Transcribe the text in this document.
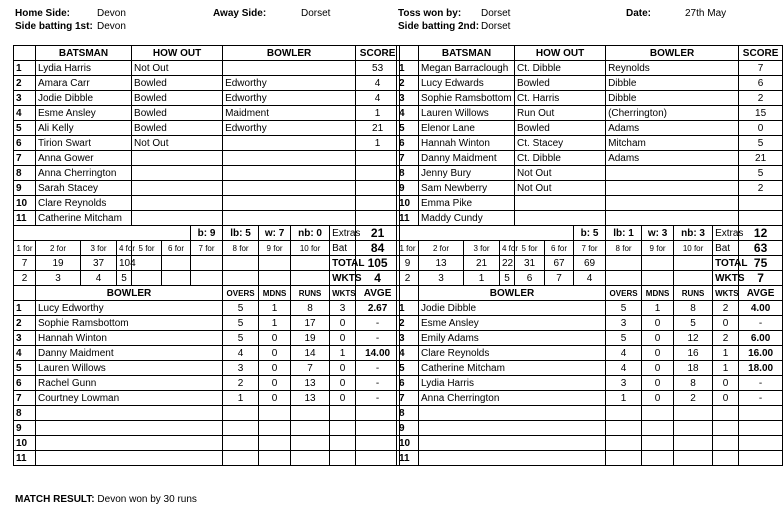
Home Side:	Devon	Away Side:	Dorset	Toss won by: Dorset	Date:	27th May
Side batting 1st: Devon	Side batting 2nd: Dorset
	BATSMAN			HOW OUT			BOWLER				SCORE
1	Lydia Harris			Not Out							53
2	Amara Carr			Bowled			Edworthy				4
3	Jodie Dibble			Bowled			Edworthy				4
4	Esme Ansley			Bowled			Maidment				1
5	Ali Kelly			Bowled			Edworthy				21
6	Tirion Swart			Not Out							1
7	Anna Gower										
8	Anna Cherrington										
9	Sarah Stacey										
10	Clare Reynolds										
11	Catherine Mitcham										
						b: 9	lb: 5	w: 7	nb: 0	Extras	21
1 for	2 for	3 for	4 for	5 for	6 for	7 for	8 for	9 for	10 for	Bat	84
7	19	37	104							TOTAL	105
2	3	4	5							WKTS	4
	BOWLER						OVERS	MDNS	RUNS	WKTS	AVGE
1	Lucy Edworthy						5	1	8	3	2.67
2	Sophie Ramsbottom						5	1	17	0	-
3	Hannah Winton						5	0	19	0	-
4	Danny Maidment						4	0	14	1	14.00
5	Lauren Willows						3	0	7	0	-
6	Rachel Gunn						2	0	13	0	-
7	Courtney Lowman						1	0	13	0	-
8											
9											
10											
11											
	BATSMAN			HOW OUT			BOWLER				SCORE
1	Megan Barraclough			Ct. Dibble			Reynolds				7
2	Lucy Edwards			Bowled			Dibble				6
3	Sophie Ramsbottom			Ct. Harris			Dibble				2
4	Lauren Willows			Run Out			(Cherrington)				15
5	Elenor Lane			Bowled			Adams				0
6	Hannah Winton			Ct. Stacey			Mitcham				5
7	Danny Maidment			Ct. Dibble			Adams				21
8	Jenny Bury			Not Out							5
9	Sam Newberry			Not Out							2
10	Emma Pike										
11	Maddy Cundy										
						b: 5	lb: 1	w: 3	nb: 3	Extras	12
1 for	2 for	3 for	4 for	5 for	6 for	7 for	8 for	9 for	10 for	Bat	63
9	13	21	22	31	67	69				TOTAL	75
2	3	1	5	6	7	4				WKTS	7
	BOWLER						OVERS	MDNS	RUNS	WKTS	AVGE
1	Jodie Dibble						5	1	8	2	4.00
2	Esme Ansley						3	0	5	0	-
3	Emily Adams						5	0	12	2	6.00
4	Clare Reynolds						4	0	16	1	16.00
5	Catherine Mitcham						4	0	18	1	18.00
6	Lydia Harris						3	0	8	0	-
7	Anna Cherrington						1	0	2	0	-
8											
9											
10											
11											
MATCH RESULT: Devon won by 30 runs
